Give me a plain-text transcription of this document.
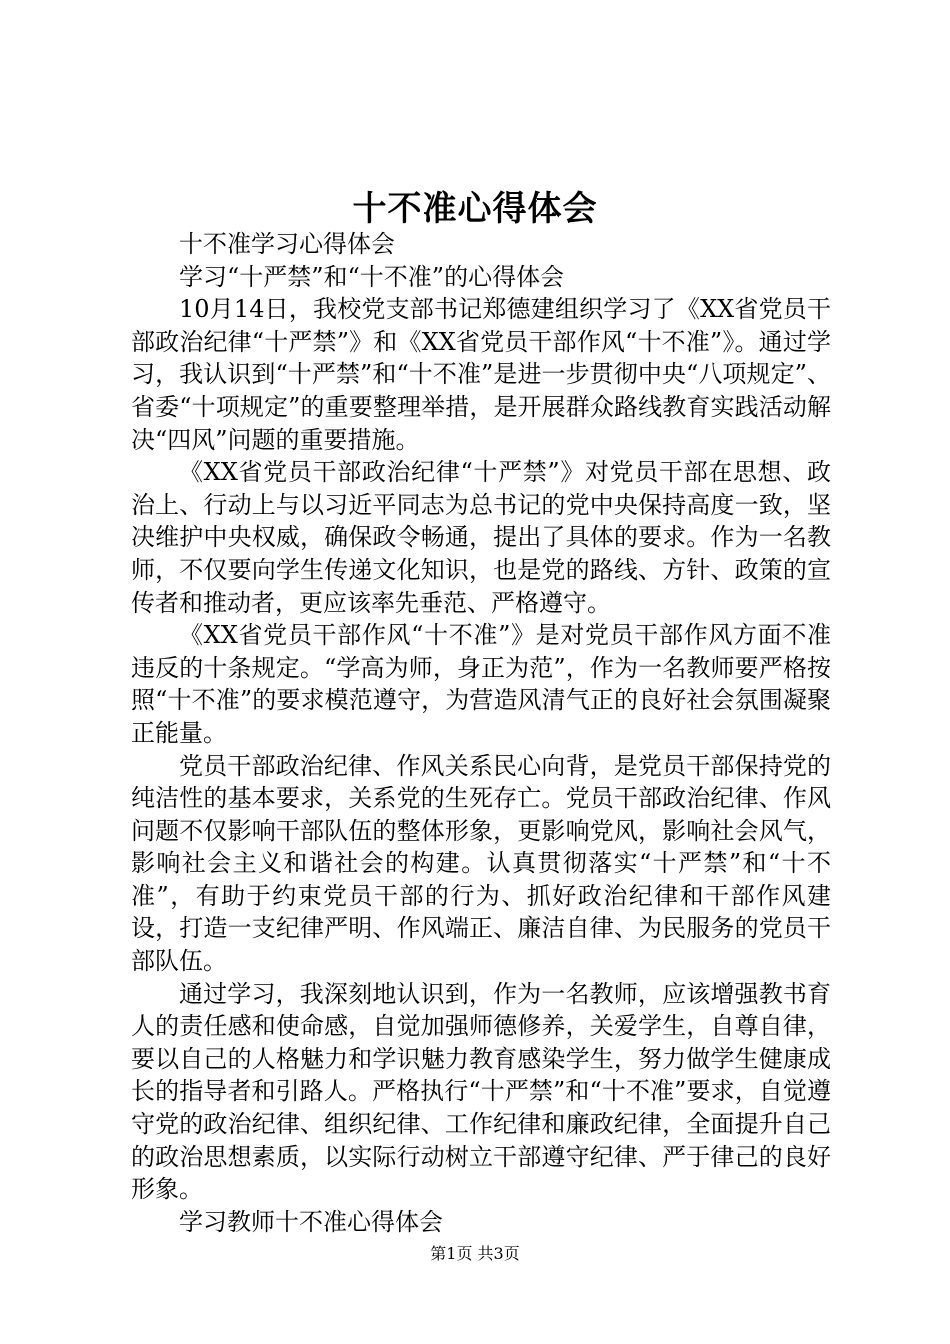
十不准心得体会

十不准学习心得体会

学习“十严禁”和“十不准”的心得体会

10月14日，我校党支部书记郑德建组织学习了《XX省党员干部政治纪律“十严禁”》和《XX省党员干部作风“十不准”》。通过学习，我认识到“十严禁”和“十不准”是进一步贯彻中央“八项规定”、省委“十项规定”的重要整理举措，是开展群众路线教育实践活动解决“四风”问题的重要措施。

《XX省党员干部政治纪律“十严禁”》对党员干部在思想、政治上、行动上与以习近平同志为总书记的党中央保持高度一致，坚决维护中央权威，确保政令畅通，提出了具体的要求。作为一名教师，不仅要向学生传递文化知识，也是党的路线、方针、政策的宣传者和推动者，更应该率先垂范、严格遵守。

《XX省党员干部作风“十不准”》是对党员干部作风方面不准违反的十条规定。“学高为师，身正为范”，作为一名教师要严格按照“十不准”的要求模范遵守，为营造风清气正的良好社会氛围凝聚正能量。

党员干部政治纪律、作风关系民心向背，是党员干部保持党的纯洁性的基本要求，关系党的生死存亡。党员干部政治纪律、作风问题不仅影响干部队伍的整体形象，更影响党风，影响社会风气，影响社会主义和谐社会的构建。认真贯彻落实“十严禁”和“十不准”，有助于约束党员干部的行为、抓好政治纪律和干部作风建设，打造一支纪律严明、作风端正、廉洁自律、为民服务的党员干部队伍。

通过学习，我深刻地认识到，作为一名教师，应该增强教书育人的责任感和使命感，自觉加强师德修养，关爱学生，自尊自律，要以自己的人格魅力和学识魅力教育感染学生，努力做学生健康成长的指导者和引路人。严格执行“十严禁”和“十不准”要求，自觉遵守党的政治纪律、组织纪律、工作纪律和廉政纪律，全面提升自己的政治思想素质，以实际行动树立干部遵守纪律、严于律己的良好形象。

学习教师十不准心得体会

第1页 共3页
